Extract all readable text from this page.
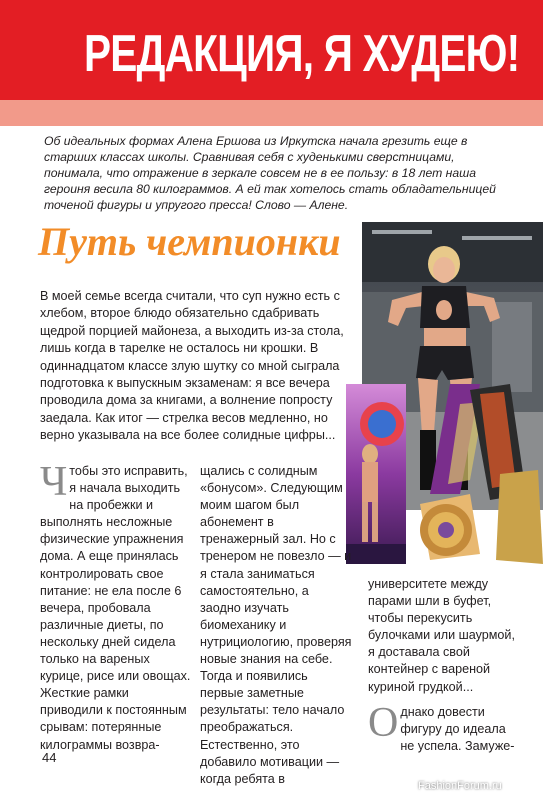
РЕДАКЦИЯ, Я ХУДЕЮ!
Об идеальных формах Алена Ершова из Иркутска начала грезить еще в старших классах школы. Сравнивая себя с худенькими сверстницами, понимала, что отражение в зеркале совсем не в ее пользу: в 18 лет наша героиня весила 80 килограммов. А ей так хотелось стать обладательницей точеной фигуры и упругого пресса! Слово — Алене.
Путь чемпионки
В моей семье всегда считали, что суп нужно есть с хлебом, второе блюдо обязательно сдабривать щедрой порцией майонеза, а выходить из-за стола, лишь когда в тарелке не осталось ни крошки. В одиннадцатом классе злую шутку со мной сыграла подготовка к выпускным экзаменам: я все вечера проводила дома за книгами, а волнение попросту заедала. Как итог — стрелка весов медленно, но верно указывала на все более солидные цифры...
Чтобы это исправить, я начала выходить на пробежки и выполнять несложные физические упражнения дома. А еще принялась контролировать свое питание: не ела после 6 вечера, пробовала различные диеты, по нескольку дней сидела только на вареных курице, рисе или овощах. Жесткие рамки приводили к постоянным срывам: потерянные килограммы возвра-
щались с солидным «бонусом». Следующим моим шагом был абонемент в тренажерный зал. Но с тренером не повезло — и я стала заниматься самостоятельно, а заодно изучать биомеханику и нутрициологию, проверяя новые знания на себе. Тогда и появились первые заметные результаты: тело начало преображаться. Естественно, это добавило мотивации — когда ребята в
университете между парами шли в буфет, чтобы перекусить булочками или шаурмой, я доставала свой контейнер с вареной куриной грудкой...
Однако довести фигуру до идеала не успела. Замуже-
44
FashionForum.ru
